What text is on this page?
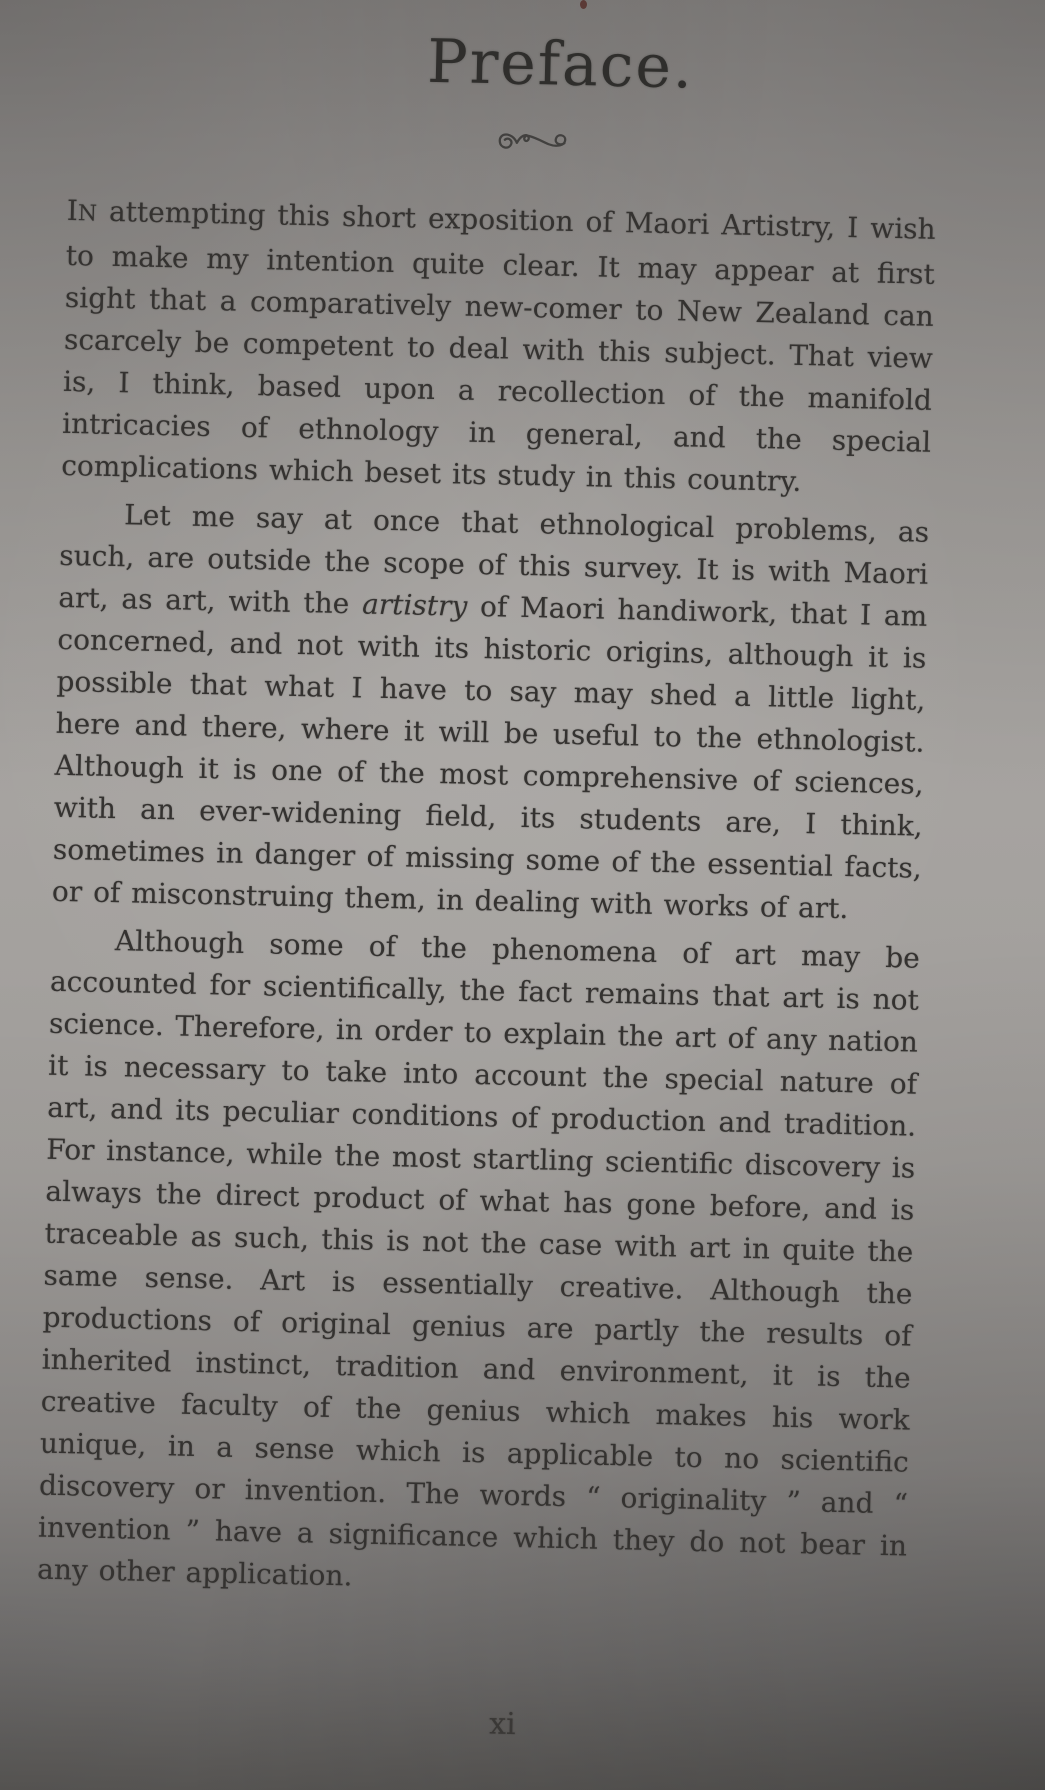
Preface.

IN attempting this short exposition of Maori Artistry, I wish to make my intention quite clear. It may appear at first sight that a comparatively new-comer to New Zealand can scarcely be competent to deal with this subject. That view is, I think, based upon a recollection of the manifold intricacies of ethnology in general, and the special complications which beset its study in this country.

Let me say at once that ethnological problems, as such, are outside the scope of this survey. It is with Maori art, as art, with the artistry of Maori handiwork, that I am concerned, and not with its historic origins, although it is possible that what I have to say may shed a little light, here and there, where it will be useful to the ethnologist. Although it is one of the most comprehensive of sciences, with an ever-widening field, its students are, I think, sometimes in danger of missing some of the essential facts, or of misconstruing them, in dealing with works of art.

Although some of the phenomena of art may be accounted for scientifically, the fact remains that art is not science. Therefore, in order to explain the art of any nation it is necessary to take into account the special nature of art, and its peculiar conditions of production and tradition. For instance, while the most startling scientific discovery is always the direct product of what has gone before, and is traceable as such, this is not the case with art in quite the same sense. Art is essentially creative. Although the productions of original genius are partly the results of inherited instinct, tradition and environment, it is the creative faculty of the genius which makes his work unique, in a sense which is applicable to no scientific discovery or invention. The words “ originality ” and “ invention ” have a significance which they do not bear in any other application.

xi
